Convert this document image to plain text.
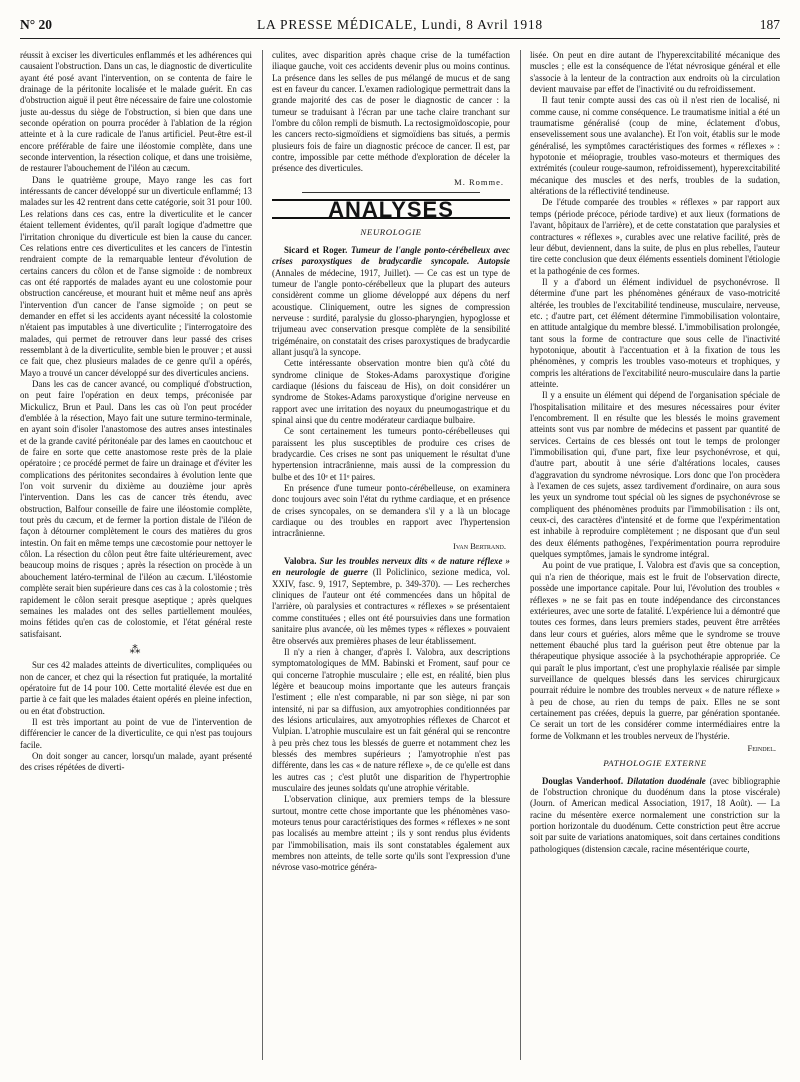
N° 20	LA PRESSE MÉDICALE, Lundi, 8 Avril 1918	187

réussit à exciser les diverticules enflammés et les adhérences qui causaient l'obstruction. Dans un cas, le diagnostic de diverticulite ayant été posé avant l'intervention, on se contenta de faire le drainage de la péritonite localisée et le malade guérit. En cas d'obstruction aiguë il peut être nécessaire de faire une colostomie juste au-dessus du siège de l'obstruction, si bien que dans une seconde opération on pourra procéder à l'ablation de la région atteinte et à la cure radicale de l'anus artificiel. Peut-être est-il encore préférable de faire une iléostomie complète, dans une seconde intervention, la résection colique, et dans une troisième, de restaurer l'abouchement de l'iléon au cæcum.

Dans le quatrième groupe, Mayo range les cas fort intéressants de cancer développé sur un diverticule enflammé; 13 malades sur les 42 rentrent dans cette catégorie, soit 31 pour 100. Les relations dans ces cas, entre la diverticulite et le cancer étaient tellement évidentes, qu'il paraît logique d'admettre que l'irritation chronique du diverticule est bien la cause du cancer. Ces relations entre ces diverticulites et les cancers de l'intestin rendraient compte de la remarquable lenteur d'évolution de certains cancers du côlon et de l'anse sigmoïde : de nombreux cas ont été rapportés de malades ayant eu une colostomie pour obstruction cancéreuse, et mourant huit et même neuf ans après l'intervention d'un cancer de l'anse sigmoïde ; on peut se demander en effet si les accidents ayant nécessité la colostomie n'étaient pas imputables à une diverticulite ; l'interrogatoire des malades, qui permet de retrouver dans leur passé des crises ressemblant à de la diverticulite, semble bien le prouver ; et aussi ce fait que, chez plusieurs malades de ce genre qu'il a opérés, Mayo a trouvé un cancer développé sur des diverticules anciens.

Dans les cas de cancer avancé, ou compliqué d'obstruction, on peut faire l'opération en deux temps, préconisée par Mickulicz, Brun et Paul. Dans les cas où l'on peut procéder d'emblée à la résection, Mayo fait une suture termino-terminale, en ayant soin d'isoler l'anastomose des autres anses intestinales et de la grande cavité péritonéale par des lames en caoutchouc et de faire en sorte que cette anastomose reste près de la plaie opératoire ; ce procédé permet de faire un drainage et d'éviter les complications des péritonites secondaires à évolution lente que l'on voit survenir du dixième au douzième jour après l'intervention. Dans les cas de cancer très étendu, avec obstruction, Balfour conseille de faire une iléostomie complète, tout près du cæcum, et de fermer la portion distale de l'iléon de façon à détourner complètement le cours des matières du gros intestin. On fait en même temps une cæcostomie pour nettoyer le côlon. La résection du côlon peut être faite ultérieurement, avec beaucoup moins de risques ; après la résection on procède à un abouchement latéro-terminal de l'iléon au cæcum. L'iléostomie complète serait bien supérieure dans ces cas à la colostomie ; très rapidement le côlon serait presque aseptique ; après quelques semaines les malades ont des selles partiellement moulées, moins fétides qu'en cas de colostomie, et l'état général reste satisfaisant.

⁂

Sur ces 42 malades atteints de diverticulites, compliquées ou non de cancer, et chez qui la résection fut pratiquée, la mortalité opératoire fut de 14 pour 100. Cette mortalité élevée est due en partie à ce fait que les malades étaient opérés en pleine infection, ou en état d'obstruction.

Il est très important au point de vue de l'intervention de différencier le cancer de la diverticulite, ce qui n'est pas toujours facile.

On doit songer au cancer, lorsqu'un malade, ayant présenté des crises répétées de diverti-

culites, avec disparition après chaque crise de la tuméfaction iliaque gauche, voit ces accidents devenir plus ou moins continus. La présence dans les selles de pus mélangé de mucus et de sang est en faveur du cancer. L'examen radiologique permettrait dans la grande majorité des cas de poser le diagnostic de cancer : la tumeur se traduisant à l'écran par une tache claire tranchant sur l'ombre du côlon rempli de bismuth. La rectosigmoïdoscopie, pour les cancers recto-sigmoïdiens et sigmoïdiens bas situés, a permis plusieurs fois de faire un diagnostic précoce de cancer. Il est, par contre, impossible par cette méthode d'exploration de déceler la présence des diverticules.

M. Romme.
ANALYSES
NEUROLOGIE

Sicard et Roger. Tumeur de l'angle ponto-cérébelleux avec crises paroxystiques de bradycardie syncopale. Autopsie (Annales de médecine, 1917, Juillet). — Ce cas est un type de tumeur de l'angle ponto-cérébelleux que la plupart des auteurs considèrent comme un gliome développé aux dépens du nerf acoustique. Cliniquement, outre les signes de compression nerveuse : surdité, paralysie du glosso-pharyngien, hypoglosse et trijumeau avec conservation presque complète de la sensibilité trigéménaire, on constatait des crises paroxystiques de bradycardie allant jusqu'à la syncope.

Cette intéressante observation montre bien qu'à côté du syndrome clinique de Stokes-Adams paroxystique d'origine cardiaque (lésions du faisceau de His), on doit considérer un syndrome de Stokes-Adams paroxystique d'origine nerveuse en rapport avec une irritation des noyaux du pneumogastrique et du spinal ainsi que du centre modérateur cardiaque bulbaire.

Ce sont certainement les tumeurs ponto-cérébelleuses qui paraissent les plus susceptibles de produire ces crises de bradycardie. Ces crises ne sont pas uniquement le résultat d'une hypertension intracrânienne, mais aussi de la compression du bulbe et des 10ᵉ et 11ᵉ paires.

En présence d'une tumeur ponto-cérébelleuse, on examinera donc toujours avec soin l'état du rythme cardiaque, et en présence de crises syncopales, on se demandera s'il y a là un blocage cardiaque ou des troubles en rapport avec l'hypertension intracrânienne.

Ivan Bertrand.

Valobra. Sur les troubles nerveux dits « de nature réflexe » en neurologie de guerre (Il Policlinico, sezione medica, vol. XXIV, fasc. 9, 1917, Septembre, p. 349-370). — Les recherches cliniques de l'auteur ont été commencées dans un hôpital de l'arrière, où paralysies et contractures « réflexes » se présentaient comme constituées ; elles ont été poursuivies dans une formation sanitaire plus avancée, où les mêmes types « réflexes » pouvaient être observés aux premières phases de leur établissement.

Il n'y a rien à changer, d'après I. Valobra, aux descriptions symptomatologiques de MM. Babinski et Froment, sauf pour ce qui concerne l'atrophie musculaire ; elle est, en réalité, bien plus légère et beaucoup moins importante que les auteurs français l'estiment ; elle n'est comparable, ni par son siège, ni par son intensité, ni par sa diffusion, aux amyotrophies conditionnées par des lésions articulaires, aux amyotrophies réflexes de Charcot et Vulpian. L'atrophie musculaire est un fait général qui se rencontre à peu près chez tous les blessés de guerre et notamment chez les blessés des membres supérieurs ; l'amyotrophie n'est pas différente, dans les cas « de nature réflexe », de ce qu'elle est dans les autres cas ; c'est plutôt une disparition de l'hypertrophie musculaire des jeunes soldats qu'une atrophie véritable.

L'observation clinique, aux premiers temps de la blessure surtout, montre cette chose importante que les phénomènes vaso-moteurs tenus pour caractéristiques des formes « réflexes » ne sont pas localisés au membre atteint ; ils y sont rendus plus évidents par l'immobilisation, mais ils sont constatables également aux membres non atteints, de telle sorte qu'ils sont l'expression d'une névrose vaso-motrice généra-

lisée. On peut en dire autant de l'hyperexcitabilité mécanique des muscles ; elle est la conséquence de l'état névrosique général et elle s'associe à la lenteur de la contraction aux endroits où la circulation devient mauvaise par effet de l'inactivité ou du refroidissement.

Il faut tenir compte aussi des cas où il n'est rien de localisé, ni comme cause, ni comme conséquence. Le traumatisme initial a été un traumatisme généralisé (coup de mine, éclatement d'obus, ensevelissement sous une avalanche). Et l'on voit, établis sur le mode généralisé, les symptômes caractéristiques des formes « réflexes » : hypotonie et méiopragie, troubles vaso-moteurs et thermiques des extrémités (couleur rouge-saumon, refroidissement), hyperexcitabilité mécanique des muscles et des nerfs, troubles de la sudation, altérations de la réflectivité tendineuse.

De l'étude comparée des troubles « réflexes » par rapport aux temps (période précoce, période tardive) et aux lieux (formations de l'avant, hôpitaux de l'arrière), et de cette constatation que paralysies et contractures « réflexes », curables avec une relative facilité, près de leur début, deviennent, dans la suite, de plus en plus rebelles, l'auteur tire cette conclusion que deux éléments essentiels dominent l'étiologie et la pathogénie de ces formes.

Il y a d'abord un élément individuel de psychonévrose. Il détermine d'une part les phénomènes généraux de vaso-motricité altérée, les troubles de l'excitabilité tendineuse, musculaire, nerveuse, etc. ; d'autre part, cet élément détermine l'immobilisation volontaire, en attitude antalgique du membre blessé. L'immobilisation prolongée, tant sous la forme de contracture que sous celle de l'inactivité hypotonique, aboutit à l'accentuation et à la fixation de tous les phénomènes, y compris les troubles vaso-moteurs et trophiques, y compris les altérations de l'excitabilité neuro-musculaire dans la partie atteinte.

Il y a ensuite un élément qui dépend de l'organisation spéciale de l'hospitalisation militaire et des mesures nécessaires pour éviter l'encombrement. Il en résulte que les blessés le moins gravement atteints sont vus par nombre de médecins et passent par quantité de services. Certains de ces blessés ont tout le temps de prolonger l'immobilisation qui, d'une part, fixe leur psychonévrose, et qui, d'autre part, aboutit à une série d'altérations locales, causes d'aggravation du syndrome névrosique. Lors donc que l'on procèdera à l'examen de ces sujets, assez tardivement d'ordinaire, on aura sous les yeux un syndrome tout spécial où les signes de psychonévrose se compliquent des phénomènes produits par l'immobilisation : ils ont, ceux-ci, des caractères d'intensité et de forme que l'expérimentation est inhabile à reproduire complètement ; ne disposant que d'un seul des deux éléments pathogènes, l'expérimentation pourra reproduire quelques symptômes, jamais le syndrome intégral.

Au point de vue pratique, I. Valobra est d'avis que sa conception, qui n'a rien de théorique, mais est le fruit de l'observation directe, possède une importance capitale. Pour lui, l'évolution des troubles « réflexes » ne se fait pas en toute indépendance des circonstances extérieures, avec une sorte de fatalité. L'expérience lui a démontré que toutes ces formes, dans leurs premiers stades, peuvent être arrêtées dans leur cours et guéries, alors même que le syndrome se trouve nettement ébauché plus tard la guérison peut être obtenue par la thérapeutique physique associée à la psychothérapie appropriée. Ce qui paraît le plus important, c'est une prophylaxie réalisée par simple surveillance de quelques blessés dans les services chirurgicaux pourrait réduire le nombre des troubles nerveux « de nature réflexe » à peu de chose, au rien du temps de paix. Elles ne se sont certainement pas créées, depuis la guerre, par génération spontanée. Ce serait un tort de les considérer comme intermédiaires entre la forme de Volkmann et les troubles nerveux de l'hystérie.

Feindel.
PATHOLOGIE EXTERNE

Douglas Vanderhoof. Dilatation duodénale (avec bibliographie de l'obstruction chronique du duodénum dans la ptose viscérale) (Journ. of American medical Association, 1917, 18 Août). — La racine du mésentère exerce normalement une constriction sur la portion horizontale du duodénum. Cette constriction peut être accrue soit par suite de variations anatomiques, soit dans certaines conditions pathologiques (distension cæcale, racine mésentérique courte,
